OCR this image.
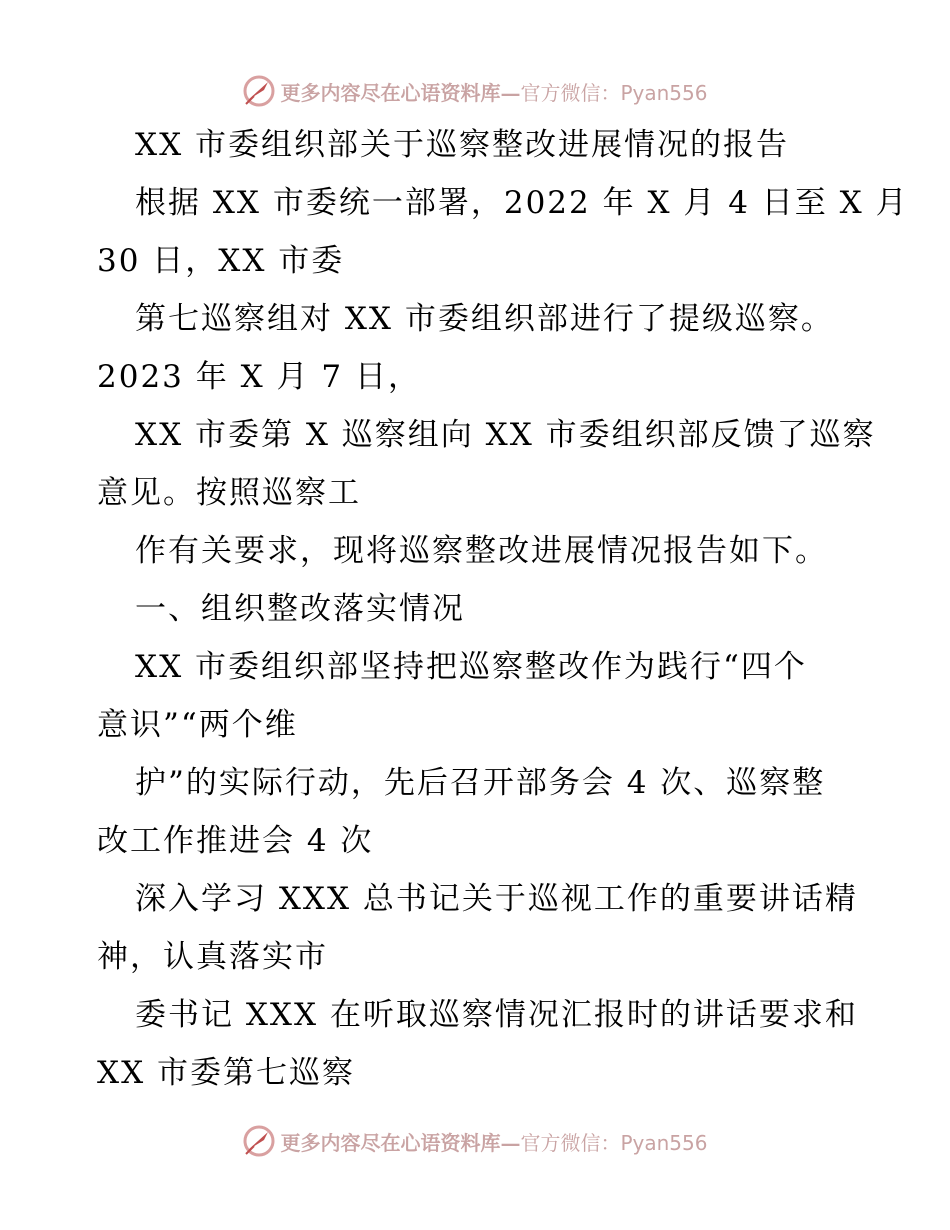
更多内容尽在心语资料库— 官方微信：Pyan556
XX 市委组织部关于巡察整改进展情况的报告
根据 XX 市委统一部署，2022 年 X 月 4 日至 X 月
30 日，XX 市委
第七巡察组对 XX 市委组织部进行了提级巡察。
2023 年 X 月 7 日，
XX 市委第 X 巡察组向 XX 市委组织部反馈了巡察
意见。按照巡察工
作有关要求，现将巡察整改进展情况报告如下。
一、组织整改落实情况
XX 市委组织部坚持把巡察整改作为践行“四个
意识”“两个维
护”的实际行动，先后召开部务会 4 次、巡察整
改工作推进会 4 次
深入学习 XXX 总书记关于巡视工作的重要讲话精
神，认真落实市
委书记 XXX 在听取巡察情况汇报时的讲话要求和
XX 市委第七巡察
更多内容尽在心语资料库— 官方微信：Pyan556
